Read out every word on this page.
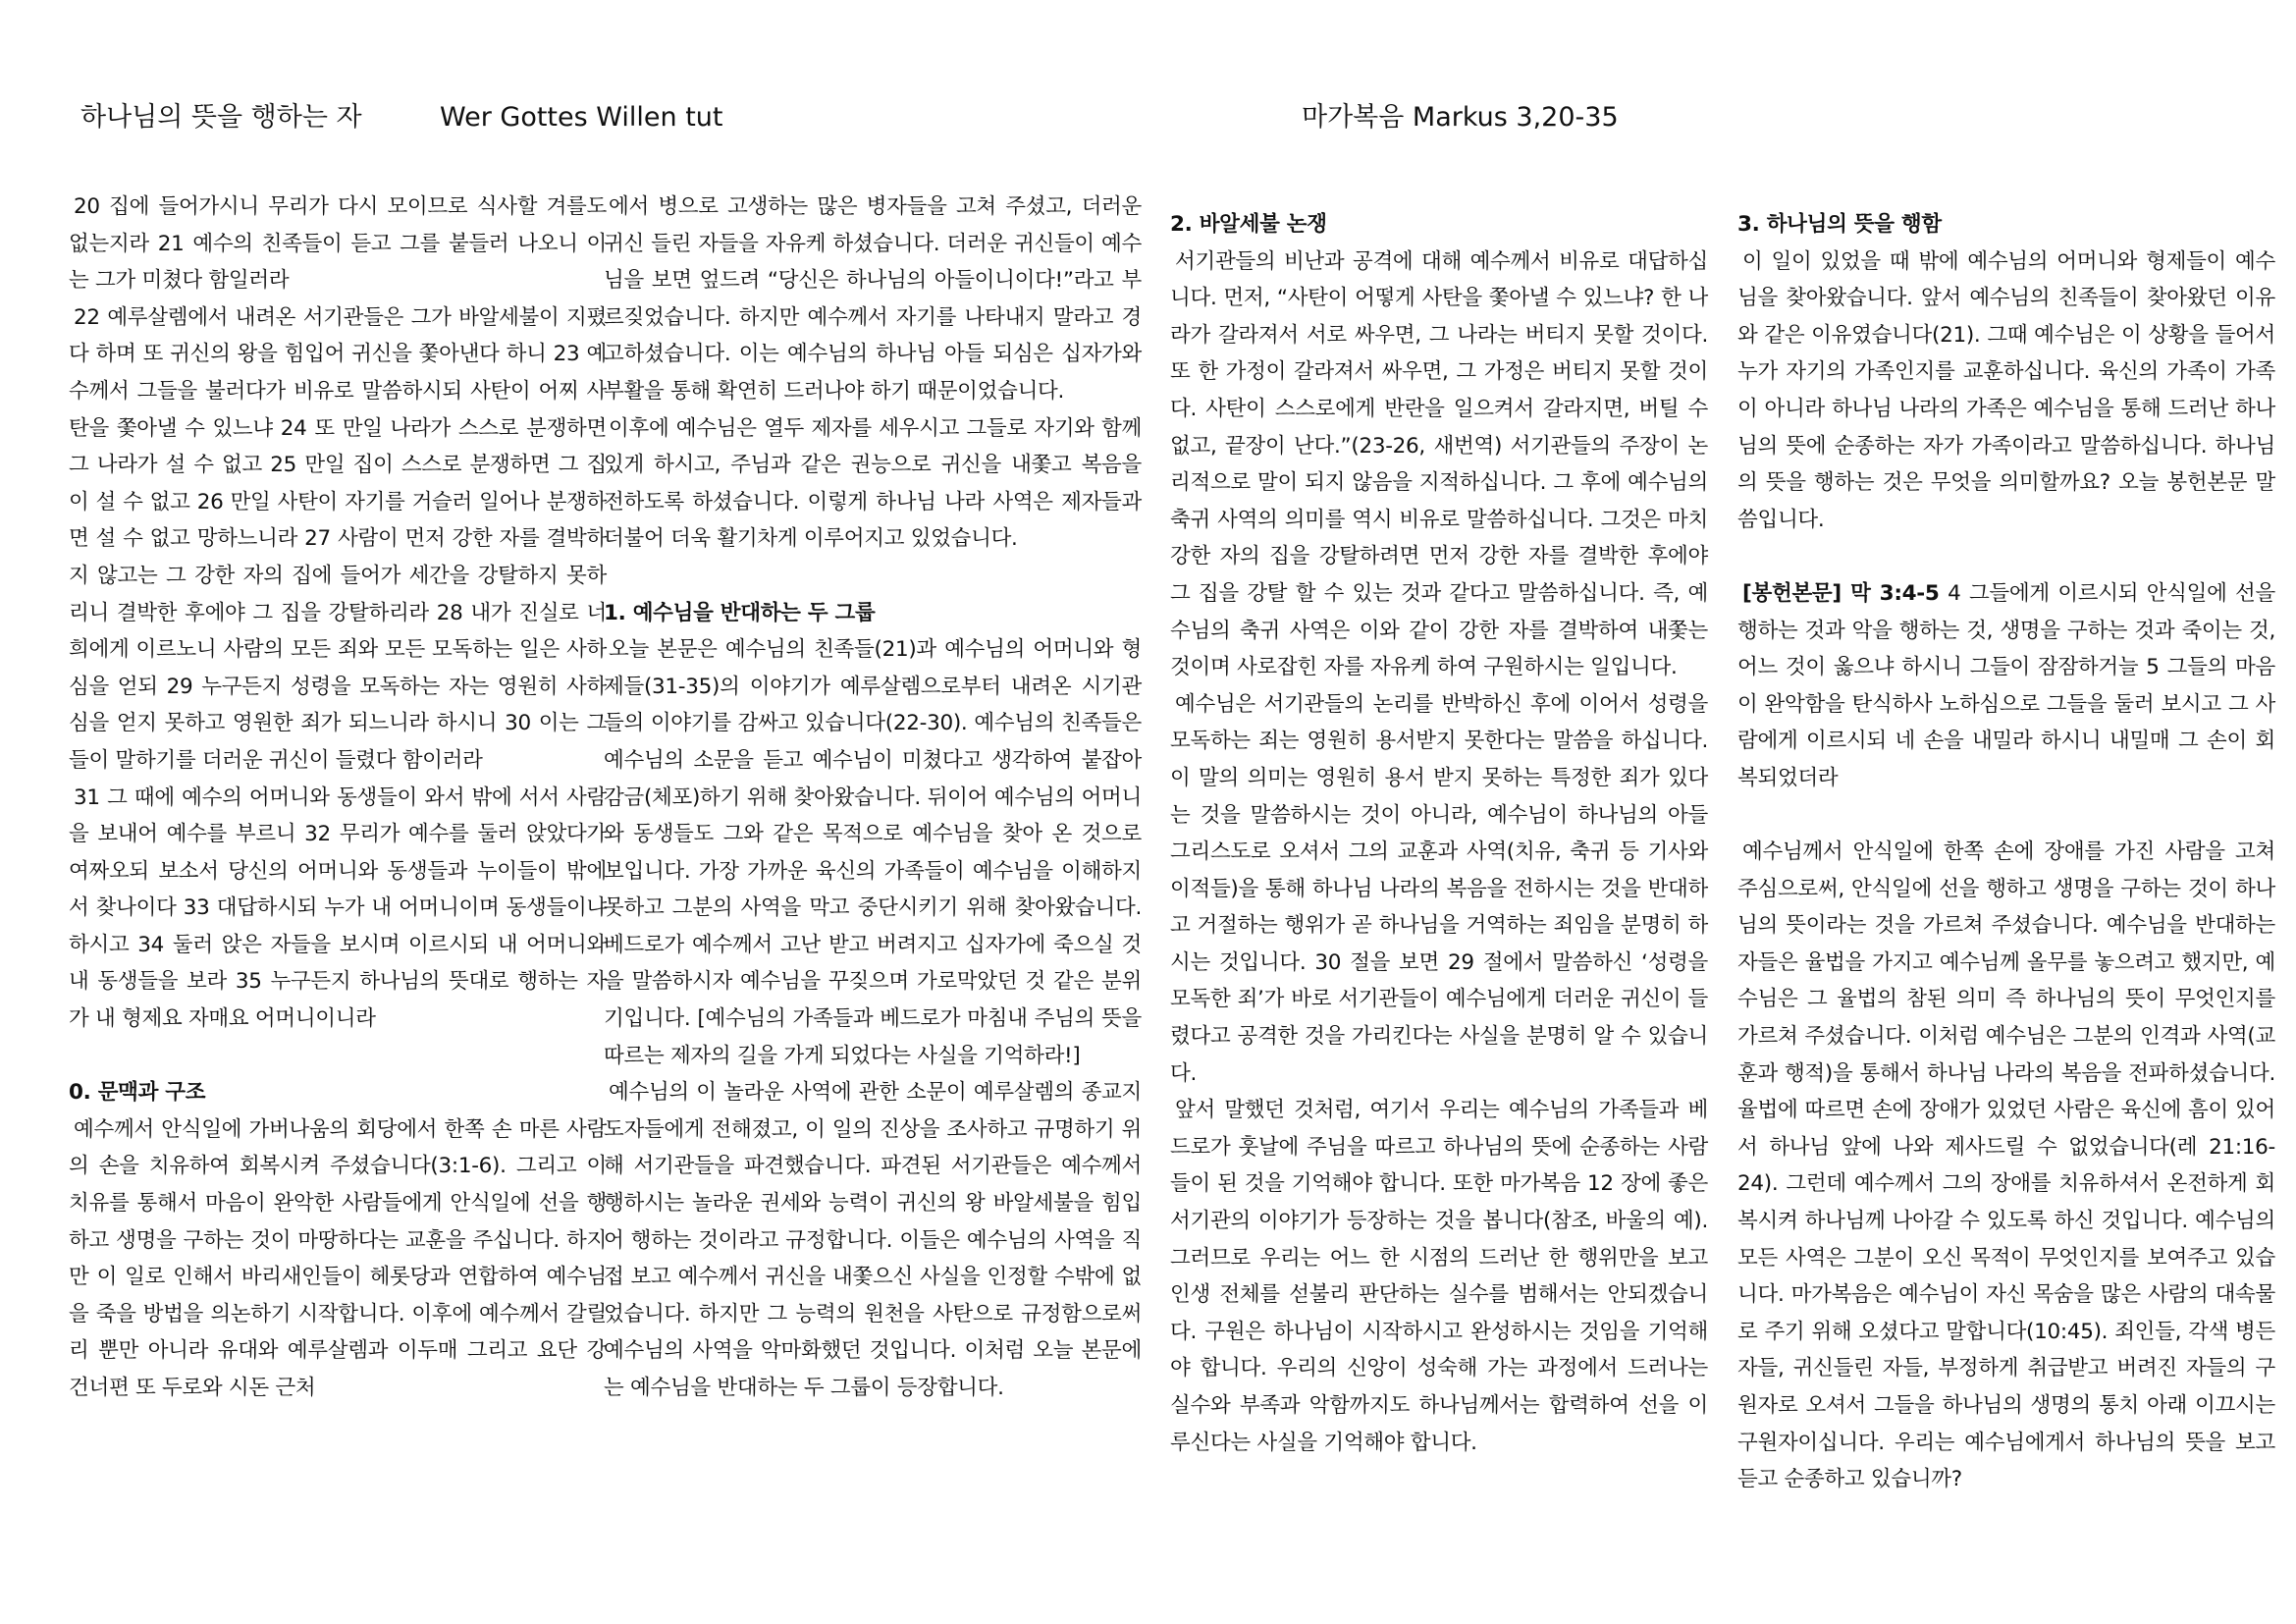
하나님의 뜻을 행하는 자	Wer Gottes Willen tut	마가복음 Markus 3,20-35

20 집에 들어가시니 무리가 다시 모이므로 식사할 겨를도 없는지라 21 예수의 친족들이 듣고 그를 붙들러 나오니 이는 그가 미쳤다 함일러라

22 예루살렘에서 내려온 서기관들은 그가 바알세불이 지폈다 하며 또 귀신의 왕을 힘입어 귀신을 쫓아낸다 하니 23 예수께서 그들을 불러다가 비유로 말씀하시되 사탄이 어찌 사탄을 쫓아낼 수 있느냐 24 또 만일 나라가 스스로 분쟁하면 그 나라가 설 수 없고 25 만일 집이 스스로 분쟁하면 그 집이 설 수 없고 26 만일 사탄이 자기를 거슬러 일어나 분쟁하면 설 수 없고 망하느니라 27 사람이 먼저 강한 자를 결박하지 않고는 그 강한 자의 집에 들어가 세간을 강탈하지 못하리니 결박한 후에야 그 집을 강탈하리라 28 내가 진실로 너희에게 이르노니 사람의 모든 죄와 모든 모독하는 일은 사하심을 얻되 29 누구든지 성령을 모독하는 자는 영원히 사하심을 얻지 못하고 영원한 죄가 되느니라 하시니 30 이는 그들이 말하기를 더러운 귀신이 들렸다 함이러라

31 그 때에 예수의 어머니와 동생들이 와서 밖에 서서 사람을 보내어 예수를 부르니 32 무리가 예수를 둘러 앉았다가 여짜오되 보소서 당신의 어머니와 동생들과 누이들이 밖에서 찾나이다 33 대답하시되 누가 내 어머니이며 동생들이냐 하시고 34 둘러 앉은 자들을 보시며 이르시되 내 어머니와 내 동생들을 보라 35 누구든지 하나님의 뜻대로 행하는 자가 내 형제요 자매요 어머니이니라

0. 문맥과 구조

예수께서 안식일에 가버나움의 회당에서 한쪽 손 마른 사람의 손을 치유하여 회복시켜 주셨습니다(3:1-6). 그리고 이 치유를 통해서 마음이 완악한 사람들에게 안식일에 선을 행하고 생명을 구하는 것이 마땅하다는 교훈을 주십니다. 하지만 이 일로 인해서 바리새인들이 헤롯당과 연합하여 예수님을 죽을 방법을 의논하기 시작합니다. 이후에 예수께서 갈릴리 뿐만 아니라 유대와 예루살렘과 이두매 그리고 요단 강 건너편 또 두로와 시돈 근처

에서 병으로 고생하는 많은 병자들을 고쳐 주셨고, 더러운 귀신 들린 자들을 자유케 하셨습니다. 더러운 귀신들이 예수님을 보면 엎드려 “당신은 하나님의 아들이니이다!”라고 부르짖었습니다. 하지만 예수께서 자기를 나타내지 말라고 경고하셨습니다. 이는 예수님의 하나님 아들 되심은 십자가와 부활을 통해 확연히 드러나야 하기 때문이었습니다.

이후에 예수님은 열두 제자를 세우시고 그들로 자기와 함께 있게 하시고, 주님과 같은 권능으로 귀신을 내쫓고 복음을 전하도록 하셨습니다. 이렇게 하나님 나라 사역은 제자들과 더불어 더욱 활기차게 이루어지고 있었습니다.

1. 예수님을 반대하는 두 그룹

오늘 본문은 예수님의 친족들(21)과 예수님의 어머니와 형제들(31-35)의 이야기가 예루살렘으로부터 내려온 시기관들의 이야기를 감싸고 있습니다(22-30). 예수님의 친족들은 예수님의 소문을 듣고 예수님이 미쳤다고 생각하여 붙잡아 감금(체포)하기 위해 찾아왔습니다. 뒤이어 예수님의 어머니와 동생들도 그와 같은 목적으로 예수님을 찾아 온 것으로 보입니다. 가장 가까운 육신의 가족들이 예수님을 이해하지 못하고 그분의 사역을 막고 중단시키기 위해 찾아왔습니다. 베드로가 예수께서 고난 받고 버려지고 십자가에 죽으실 것을 말씀하시자 예수님을 꾸짖으며 가로막았던 것 같은 분위기입니다. [예수님의 가족들과 베드로가 마침내 주님의 뜻을 따르는 제자의 길을 가게 되었다는 사실을 기억하라!]

예수님의 이 놀라운 사역에 관한 소문이 예루살렘의 종교지도자들에게 전해졌고, 이 일의 진상을 조사하고 규명하기 위해 서기관들을 파견했습니다. 파견된 서기관들은 예수께서 행하시는 놀라운 권세와 능력이 귀신의 왕 바알세불을 힘입어 행하는 것이라고 규정합니다. 이들은 예수님의 사역을 직접 보고 예수께서 귀신을 내쫓으신 사실을 인정할 수밖에 없었습니다. 하지만 그 능력의 원천을 사탄으로 규정함으로써 예수님의 사역을 악마화했던 것입니다. 이처럼 오늘 본문에는 예수님을 반대하는 두 그룹이 등장합니다.

2. 바알세불 논쟁

서기관들의 비난과 공격에 대해 예수께서 비유로 대답하십니다. 먼저, “사탄이 어떻게 사탄을 쫓아낼 수 있느냐? 한 나라가 갈라져서 서로 싸우면, 그 나라는 버티지 못할 것이다. 또 한 가정이 갈라져서 싸우면, 그 가정은 버티지 못할 것이다. 사탄이 스스로에게 반란을 일으켜서 갈라지면, 버틸 수 없고, 끝장이 난다.”(23-26, 새번역) 서기관들의 주장이 논리적으로 말이 되지 않음을 지적하십니다. 그 후에 예수님의 축귀 사역의 의미를 역시 비유로 말씀하십니다. 그것은 마치 강한 자의 집을 강탈하려면 먼저 강한 자를 결박한 후에야 그 집을 강탈 할 수 있는 것과 같다고 말씀하십니다. 즉, 예수님의 축귀 사역은 이와 같이 강한 자를 결박하여 내쫓는 것이며 사로잡힌 자를 자유케 하여 구원하시는 일입니다.

예수님은 서기관들의 논리를 반박하신 후에 이어서 성령을 모독하는 죄는 영원히 용서받지 못한다는 말씀을 하십니다. 이 말의 의미는 영원히 용서 받지 못하는 특정한 죄가 있다는 것을 말씀하시는 것이 아니라, 예수님이 하나님의 아들 그리스도로 오셔서 그의 교훈과 사역(치유, 축귀 등 기사와 이적들)을 통해 하나님 나라의 복음을 전하시는 것을 반대하고 거절하는 행위가 곧 하나님을 거역하는 죄임을 분명히 하시는 것입니다. 30 절을 보면 29 절에서 말씀하신 ‘성령을 모독한 죄’가 바로 서기관들이 예수님에게 더러운 귀신이 들렸다고 공격한 것을 가리킨다는 사실을 분명히 알 수 있습니다.

앞서 말했던 것처럼, 여기서 우리는 예수님의 가족들과 베드로가 훗날에 주님을 따르고 하나님의 뜻에 순종하는 사람들이 된 것을 기억해야 합니다. 또한 마가복음 12 장에 좋은 서기관의 이야기가 등장하는 것을 봅니다(참조, 바울의 예). 그러므로 우리는 어느 한 시점의 드러난 한 행위만을 보고 인생 전체를 섣불리 판단하는 실수를 범해서는 안되겠습니다. 구원은 하나님이 시작하시고 완성하시는 것임을 기억해야 합니다. 우리의 신앙이 성숙해 가는 과정에서 드러나는 실수와 부족과 악함까지도 하나님께서는 합력하여 선을 이루신다는 사실을 기억해야 합니다.

3. 하나님의 뜻을 행함

이 일이 있었을 때 밖에 예수님의 어머니와 형제들이 예수님을 찾아왔습니다. 앞서 예수님의 친족들이 찾아왔던 이유와 같은 이유였습니다(21). 그때 예수님은 이 상황을 들어서 누가 자기의 가족인지를 교훈하십니다. 육신의 가족이 가족이 아니라 하나님 나라의 가족은 예수님을 통해 드러난 하나님의 뜻에 순종하는 자가 가족이라고 말씀하십니다. 하나님의 뜻을 행하는 것은 무엇을 의미할까요? 오늘 봉헌본문 말씀입니다.

[봉헌본문] 막 3:4-5 4 그들에게 이르시되 안식일에 선을 행하는 것과 악을 행하는 것, 생명을 구하는 것과 죽이는 것, 어느 것이 옳으냐 하시니 그들이 잠잠하거늘 5 그들의 마음이 완악함을 탄식하사 노하심으로 그들을 둘러 보시고 그 사람에게 이르시되 네 손을 내밀라 하시니 내밀매 그 손이 회복되었더라

예수님께서 안식일에 한쪽 손에 장애를 가진 사람을 고쳐 주심으로써, 안식일에 선을 행하고 생명을 구하는 것이 하나님의 뜻이라는 것을 가르쳐 주셨습니다. 예수님을 반대하는 자들은 율법을 가지고 예수님께 올무를 놓으려고 했지만, 예수님은 그 율법의 참된 의미 즉 하나님의 뜻이 무엇인지를 가르쳐 주셨습니다. 이처럼 예수님은 그분의 인격과 사역(교훈과 행적)을 통해서 하나님 나라의 복음을 전파하셨습니다. 율법에 따르면 손에 장애가 있었던 사람은 육신에 흠이 있어서 하나님 앞에 나와 제사드릴 수 없었습니다(레 21:16-24). 그런데 예수께서 그의 장애를 치유하셔서 온전하게 회복시켜 하나님께 나아갈 수 있도록 하신 것입니다. 예수님의 모든 사역은 그분이 오신 목적이 무엇인지를 보여주고 있습니다. 마가복음은 예수님이 자신 목숨을 많은 사람의 대속물로 주기 위해 오셨다고 말합니다(10:45). 죄인들, 각색 병든 자들, 귀신들린 자들, 부정하게 취급받고 버려진 자들의 구원자로 오셔서 그들을 하나님의 생명의 통치 아래 이끄시는 구원자이십니다. 우리는 예수님에게서 하나님의 뜻을 보고 듣고 순종하고 있습니까?
